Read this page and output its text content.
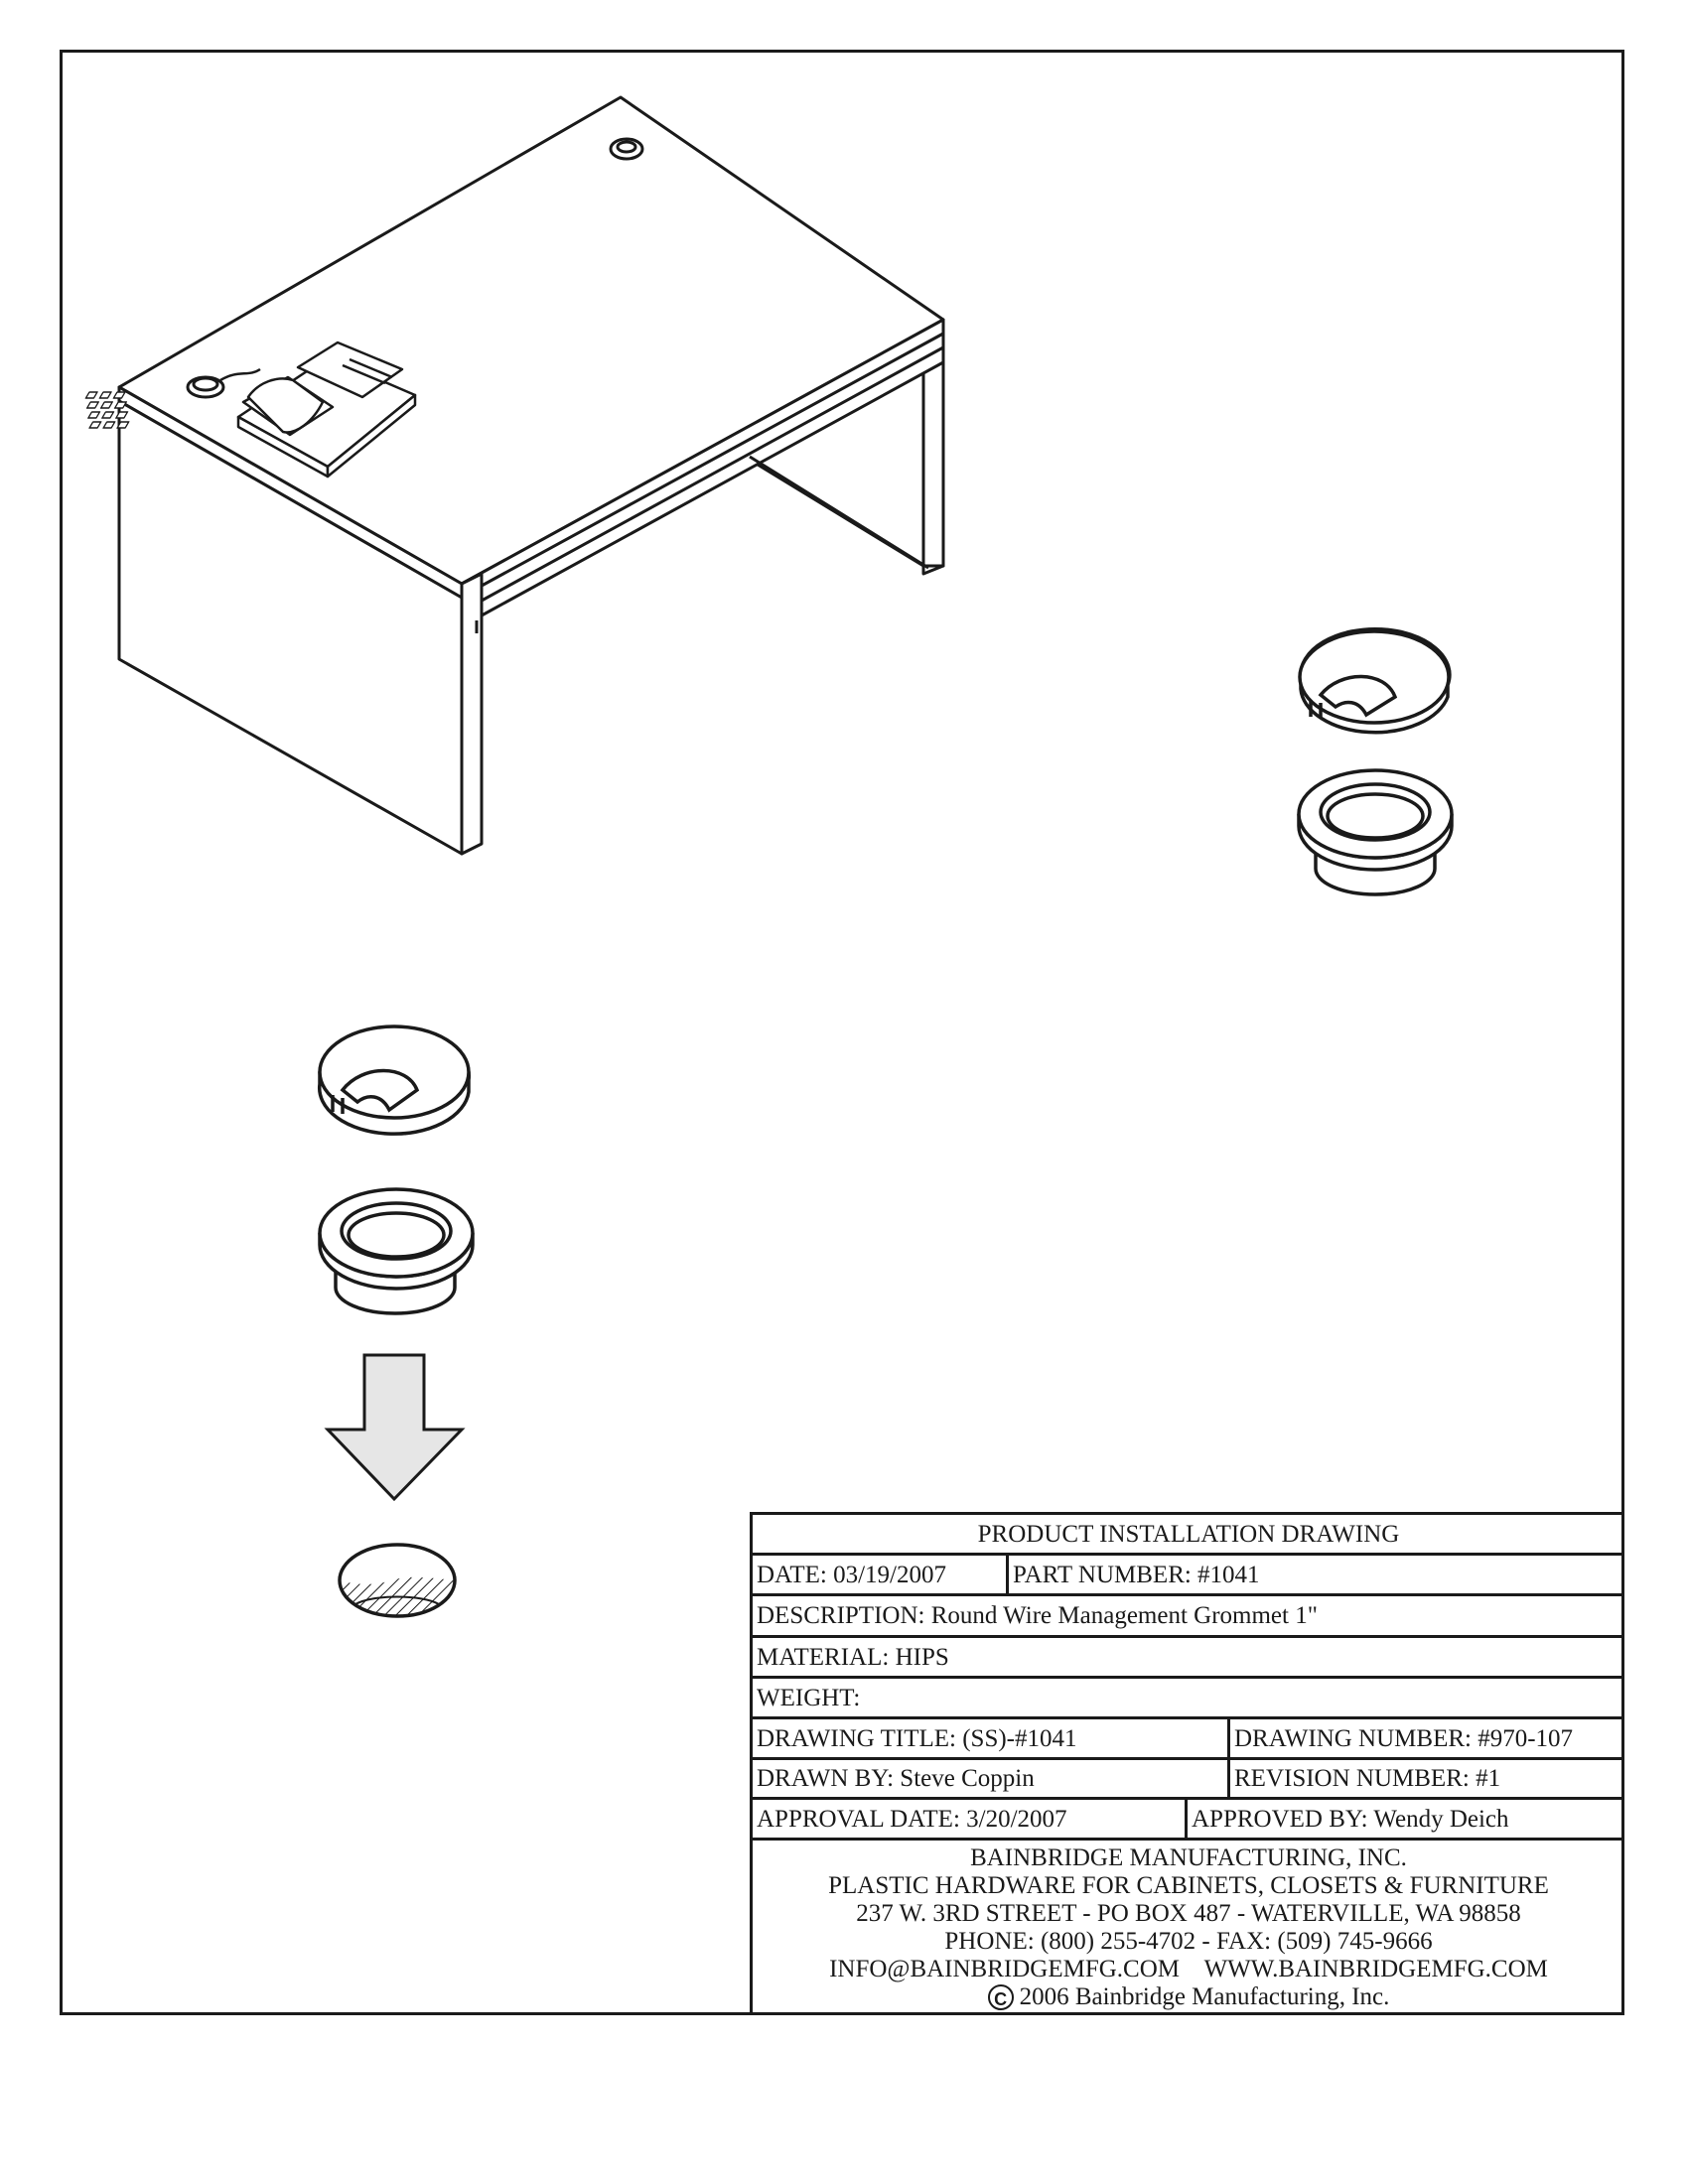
PRODUCT INSTALLATION DRAWING
DATE: 03/19/2007	PART NUMBER: #1041
DESCRIPTION: Round Wire Management Grommet 1"
MATERIAL: HIPS
WEIGHT:
DRAWING TITLE: (SS)-#1041	DRAWING NUMBER: #970-107
DRAWN BY: Steve Coppin	REVISION NUMBER: #1
APPROVAL DATE: 3/20/2007	APPROVED BY: Wendy Deich
BAINBRIDGE MANUFACTURING, INC.
PLASTIC HARDWARE FOR CABINETS, CLOSETS & FURNITURE
237 W. 3RD STREET - PO BOX 487 - WATERVILLE, WA 98858
PHONE: (800) 255-4702 - FAX: (509) 745-9666
INFO@BAINBRIDGEMFG.COM WWW.BAINBRIDGEMFG.COM
C 2006 Bainbridge Manufacturing, Inc.
